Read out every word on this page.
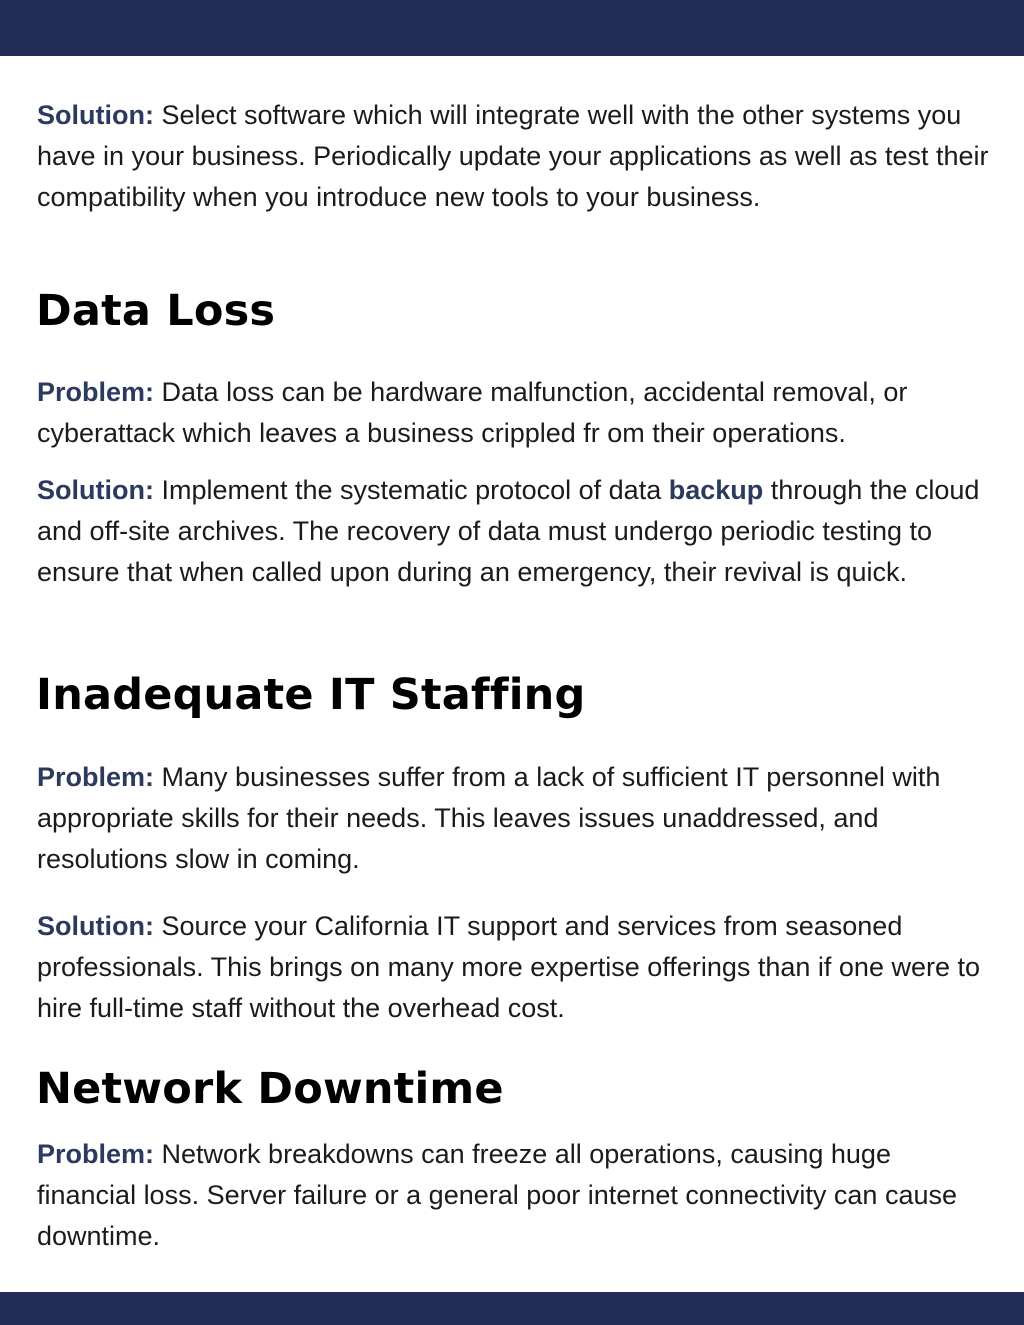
Solution: Select software which will integrate well with the other systems you have in your business. Periodically update your applications as well as test their compatibility when you introduce new tools to your business.

Data Loss

Problem: Data loss can be hardware malfunction, accidental removal, or cyberattack which leaves a business crippled fr om their operations.

Solution: Implement the systematic protocol of data backup through the cloud and off-site archives. The recovery of data must undergo periodic testing to ensure that when called upon during an emergency, their revival is quick.

Inadequate IT Staffing

Problem: Many businesses suffer from a lack of sufficient IT personnel with appropriate skills for their needs. This leaves issues unaddressed, and resolutions slow in coming.

Solution: Source your California IT support and services from seasoned professionals. This brings on many more expertise offerings than if one were to hire full-time staff without the overhead cost.

Network Downtime

Problem: Network breakdowns can freeze all operations, causing huge financial loss. Server failure or a general poor internet connectivity can cause downtime.
